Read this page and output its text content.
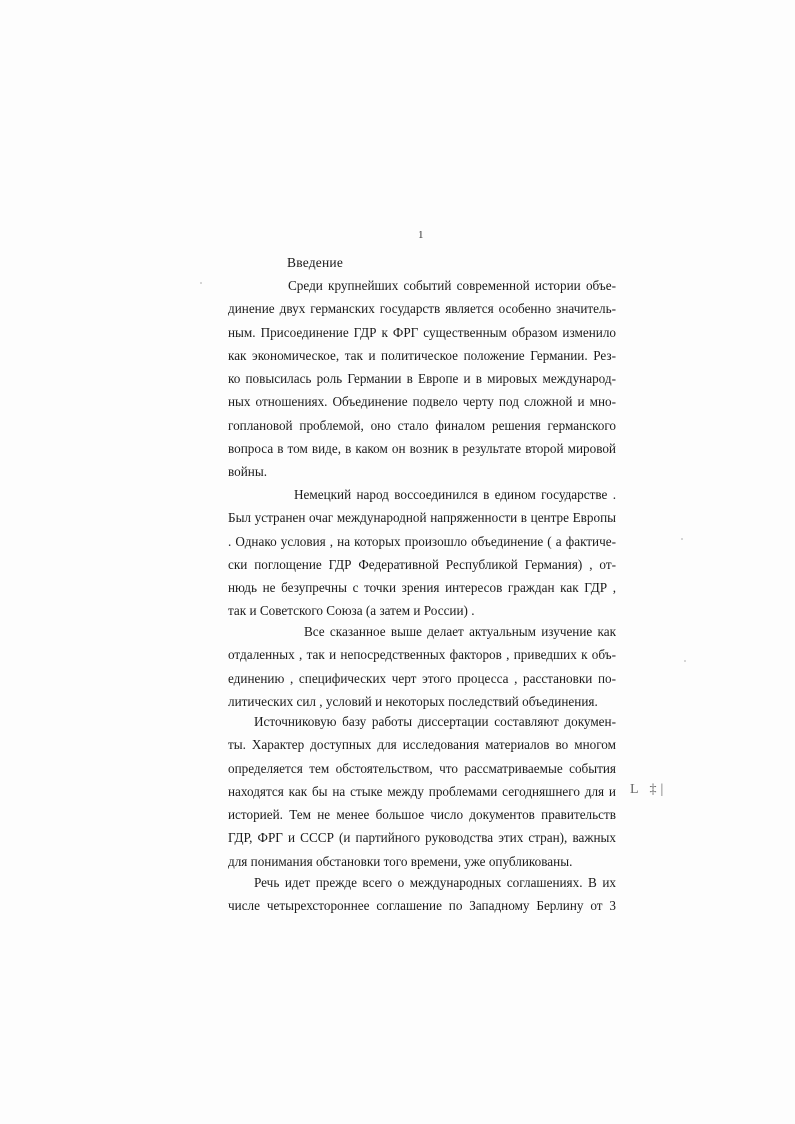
1
Введение
Среди крупнейших событий современной истории объе-
динение двух германских государств является особенно значитель-
ным. Присоединение ГДР к ФРГ существенным образом изменило
как экономическое, так и политическое положение Германии. Рез-
ко повысилась роль Германии в Европе и в мировых международ-
ных отношениях. Объединение подвело черту под сложной и мно-
гоплановой проблемой, оно стало финалом решения германского
вопроса в том виде, в каком он возник в результате второй мировой
войны.
Немецкий народ воссоединился в едином государстве .
Был устранен очаг международной напряженности в центре Европы
. Однако условия , на которых произошло объединение ( а фактиче-
ски поглощение ГДР Федеративной Республикой Германия) , от-
нюдь не безупречны с точки зрения интересов граждан как ГДР ,
так и Советского Союза (а затем и России) .
Все сказанное выше делает актуальным изучение как
отдаленных , так и непосредственных факторов , приведших к объ-
единению , специфических черт этого процесса , расстановки по-
литических сил , условий и некоторых последствий объединения.
Источниковую базу работы диссертации составляют докумен-
ты. Характер доступных для исследования материалов во многом
определяется тем обстоятельством, что рассматриваемые события
находятся как бы на стыке между проблемами сегодняшнего для и
историей. Тем не менее большое число документов правительств
ГДР, ФРГ и СССР (и партийного руководства этих стран), важных
для понимания обстановки того времени, уже опубликованы.
Речь идет прежде всего о международных соглашениях. В их
числе четырехстороннее соглашение по Западному Берлину от 3
L ‡|
